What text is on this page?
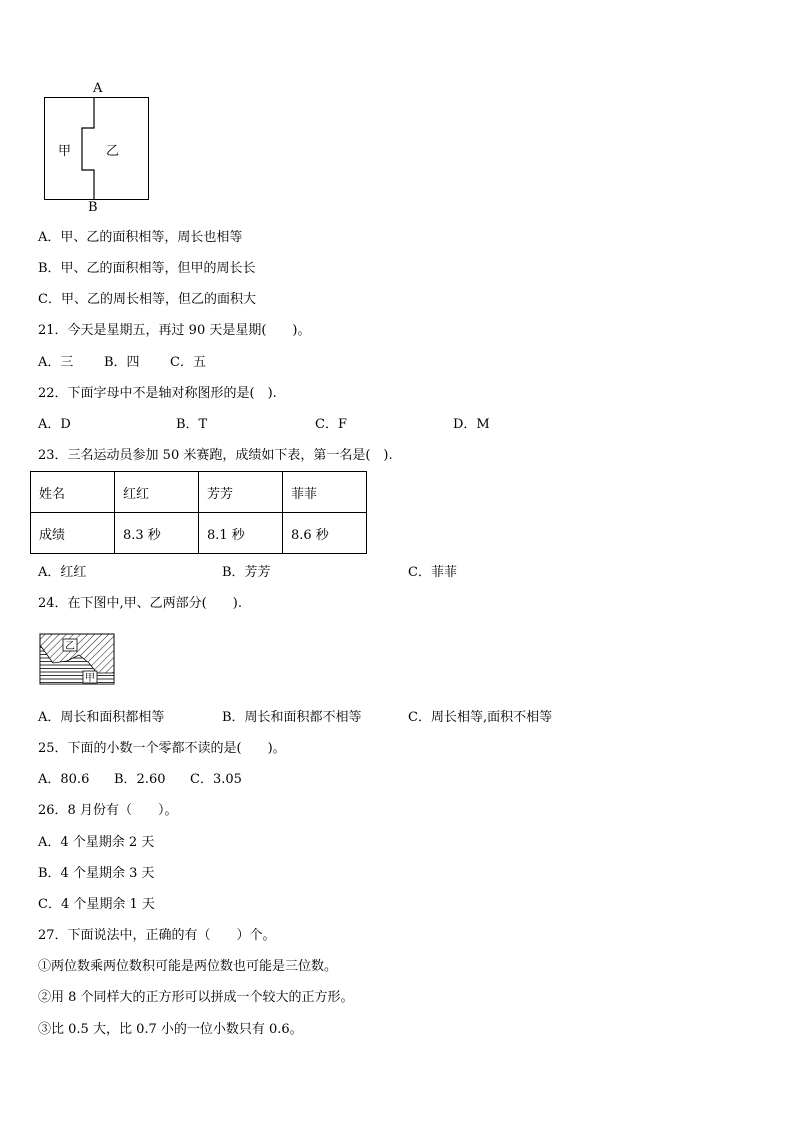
A
甲	乙
B
A．甲、乙的面积相等，周长也相等
B．甲、乙的面积相等，但甲的周长长
C．甲、乙的周长相等，但乙的面积大
21．今天是星期五，再过 90 天是星期(　　)。
A．三 B．四 C．五
22．下面字母中不是轴对称图形的是(　).
A．D	B．T	C．F	D．M
23．三名运动员参加 50 米赛跑，成绩如下表，第一名是(　).
姓名	红红	芳芳	菲菲
成绩	8.3 秒	8.1 秒	8.6 秒
A．红红	B．芳芳	C．菲菲
24．在下图中,甲、乙两部分(　　).
乙
甲
A．周长和面积都相等	B．周长和面积都不相等	C．周长相等,面积不相等
25．下面的小数一个零都不读的是(　　)。
A．80.6 B．2.60 C．3.05
26．8 月份有（　　）。
A．4 个星期余 2 天
B．4 个星期余 3 天
C．4 个星期余 1 天
27．下面说法中，正确的有（　　）个。
①两位数乘两位数积可能是两位数也可能是三位数。
②用 8 个同样大的正方形可以拼成一个较大的正方形。
③比 0.5 大，比 0.7 小的一位小数只有 0.6。
